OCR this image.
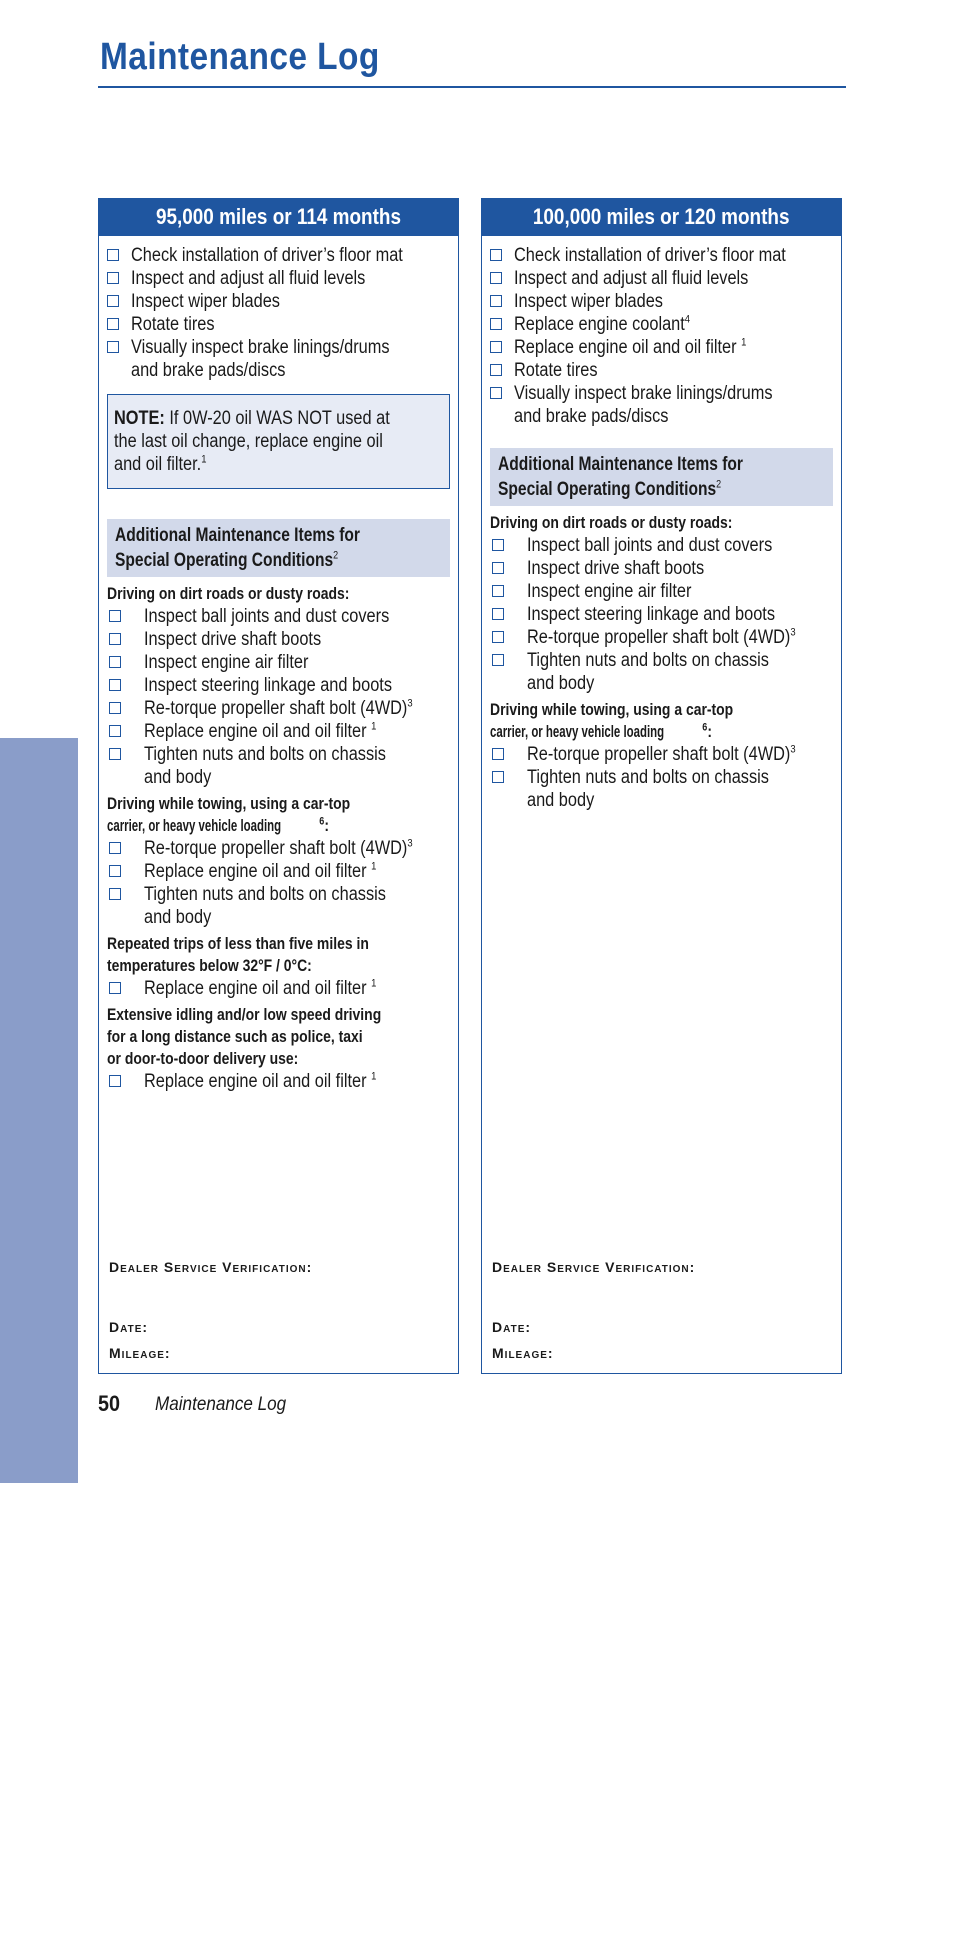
Maintenance Log
MAINTENANCE
95,000 miles or 114 months
Check installation of driver’s floor mat
Inspect and adjust all fluid levels
Inspect wiper blades
Rotate tires
Visually inspect brake linings/drumsand brake pads/discs
NOTE: If 0W-20 oil WAS NOT used at
the last oil change, replace engine oil
and oil filter.$^1$
Additional Maintenance Items for
Special Operating Conditions$^2$
Driving on dirt roads or dusty roads:
Inspect ball joints and dust covers
Inspect drive shaft boots
Inspect engine air filter
Inspect steering linkage and boots
Re-torque propeller shaft bolt $(4WD)^3$
Replace engine oil and oil filter $^1$
Tighten nuts and bolts on chassisand body
Driving while towing, using a car-top
carrier, or heavy vehicle loading	$^6$:
Re-torque propeller shaft bolt $(4WD)^3$
Replace engine oil and oil filter $^1$
Tighten nuts and bolts on chassisand body
Repeated trips of less than five miles in
temperatures below 32°F / 0°C:
Replace engine oil and oil filter $^1$
Extensive idling and/or low speed driving
for a long distance such as police, taxi
or door-to-door delivery use:
Replace engine oil and oil filter $^1$
Dealer Service Verification:
Date:
Mileage:
100,000 miles or 120 months
Check installation of driver’s floor mat
Inspect and adjust all fluid levels
Inspect wiper blades
Replace engine coolant$^4$
Replace engine oil and oil filter $^1$
Rotate tires
Visually inspect brake linings/drumsand brake pads/discs
Additional Maintenance Items for
Special Operating Conditions$^2$
Driving on dirt roads or dusty roads:
Inspect ball joints and dust covers
Inspect drive shaft boots
Inspect engine air filter
Inspect steering linkage and boots
Re-torque propeller shaft bolt $(4WD)^3$
Tighten nuts and bolts on chassisand body
Driving while towing, using a car-top
carrier, or heavy vehicle loading	$^6$:
Re-torque propeller shaft bolt $(4WD)^3$
Tighten nuts and bolts on chassisand body
Dealer Service Verification:
Date:
Mileage:
50 Maintenance Log
